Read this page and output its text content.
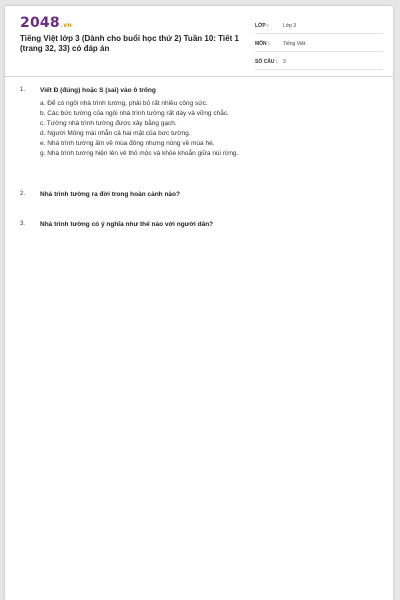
2048.vn
Tiếng Việt lớp 3 (Dành cho buổi học thứ 2) Tuần 10: Tiết 1 (trang 32, 33) có đáp án
LỚP :	Lớp 3
MÔN :	Tiếng Việt
SỐ CÂU :	3
1.	Viết Đ (đúng) hoặc S (sai) vào ô trống
a. Để có ngôi nhà trình tường, phải bỏ rất nhiều công sức.
b. Các bức tường của ngôi nhà trình tường rất dày và vững chắc.
c. Tường nhà trình tường được xây bằng gạch.
d. Người Mông mài nhẵn cả hai mặt của bức tường.
e. Nhà trình tường ấm về mùa đông nhưng nóng về mùa hè.
g. Nhà trình tường hiện lên vẻ thô mộc và khỏe khoắn giữa núi rừng.
2.	Nhà trình tường ra đời trong hoàn cảnh nào?
3.	Nhà trình tường có ý nghĩa như thế nào với người dân?
